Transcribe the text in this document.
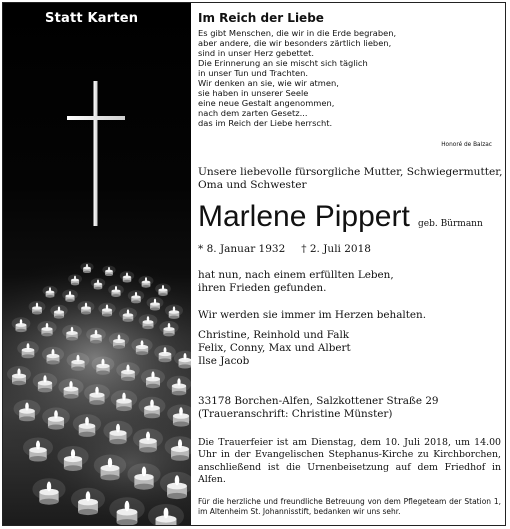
Statt Karten	Im Reich der Liebe
Es gibt Menschen, die wir in die Erde begraben,
aber andere, die wir besonders zärtlich lieben,
sind in unser Herz gebettet.
Die Erinnerung an sie mischt sich täglich
in unser Tun und Trachten.
Wir denken an sie, wie wir atmen,
sie haben in unserer Seele
eine neue Gestalt angenommen,
nach dem zarten Gesetz...
das im Reich der Liebe herrscht.
Honoré de Balzac
Unsere liebevolle fürsorgliche Mutter, Schwiegermutter, Oma und Schwester
Marlene Pippert geb. Bürmann
* 8. Januar 1932 † 2. Juli 2018
hat nun, nach einem erfüllten Leben,
ihren Frieden gefunden.
Wir werden sie immer im Herzen behalten.
Christine, Reinhold und Falk
Felix, Conny, Max und Albert
Ilse Jacob
33178 Borchen-Alfen, Salzkottener Straße 29
(Traueranschrift: Christine Münster)
Die Trauerfeier ist am Dienstag, dem 10. Juli 2018, um 14.00 Uhr in der Evangelischen Stephanus-Kirche zu Kirchborchen, anschließend ist die Urnenbeisetzung auf dem Friedhof in Alfen.
Für die herzliche und freundliche Betreuung von dem Pflegeteam der Station 1, im Altenheim St. Johannisstift, bedanken wir uns sehr.
